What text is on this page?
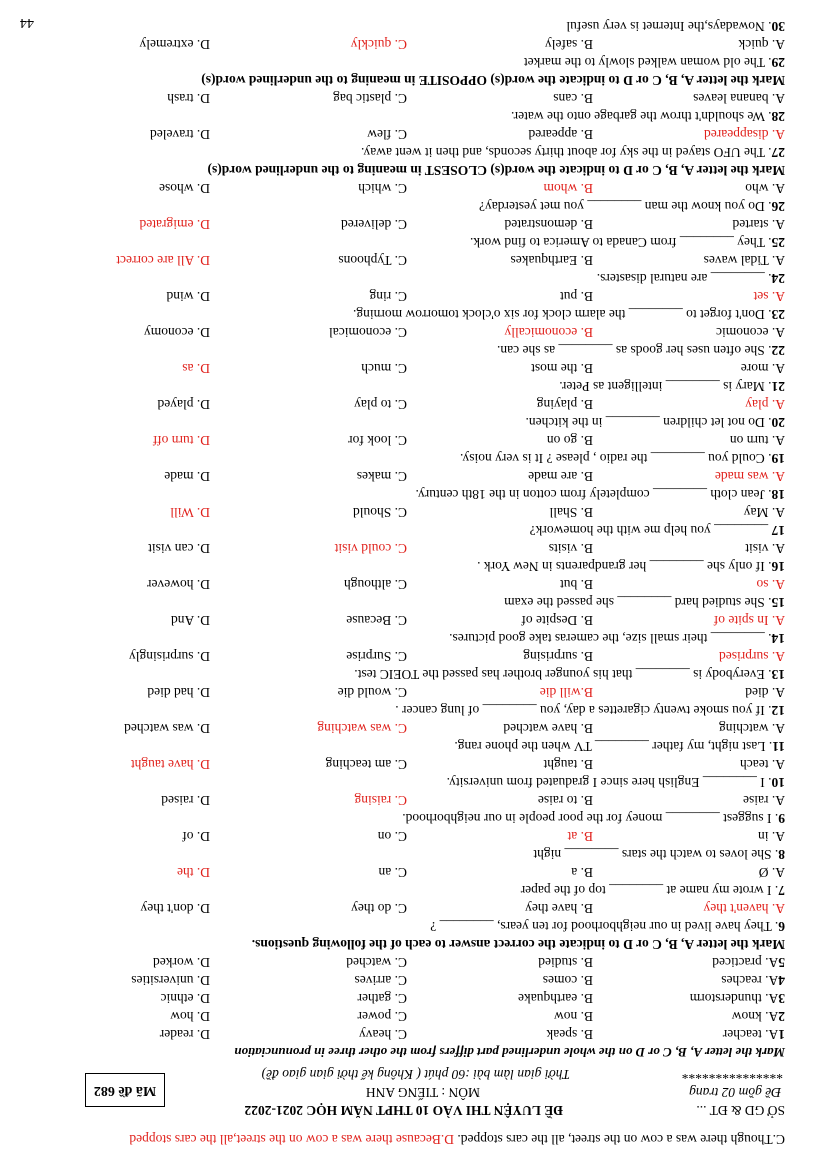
C.Though there was a cow on the street, all the cars stopped. D.Because there was a cow on the street,all the cars stopped
SỞ GD & ĐT ...
Đề gồm 02 trang
***************
ĐỀ LUYỆN THI VÀO 10 THPT NĂM HỌC 2021-2022
MÔN : TIẾNG ANH
Thời gian làm bài :60 phút ( Không kể thời gian giao đề)
Mã đề 682
Mark the letter A, B, C or D on the whole underlined part differs from the other three in pronunciation
1A. teacher
B. speak
C. heavy
D. reader
2A. know
B. now
C. power
D. how
3A. thunderstorm
B. earthquake
C. gather
D. ethnic
4A. reaches
B. comes
C. arrives
D. universities
5A. practiced
B. studied
C. watched
D. worked
Mark the letter A, B, C or D to indicate the correct answer to each of the following questions.
6. They have lived in our neighborhood for ten years, ________ ?
A. haven't they
B. have they
C. do they
D. don't they
7. I wrote my name at ________ top of the paper
A. Ø
B. a
C. an
D. the
8. She loves to watch the stars ________ night
A. in
B. at
C. on
D. of
9. I suggest ________ money for the poor people in our neighborhood.
A. raise
B. to raise
C. raising
D. raised
10. I ________ English here since I graduated from university.
A. teach
B. taught
C. am teaching
D. have taught
11. Last night, my father ________ TV when the phone rang.
A. watching
B. have watched
C. was watching
D. was watched
12. If you smoke twenty cigarettes a day, you ________ of lung cancer .
A. died
B.will die
C. would die
D. had died
13. Everybody is ________ that his younger brother has passed the TOEIC test.
A. surprised
B. surprising
C. Surprise
D. surprisingly
14. ________ their small size, the cameras take good pictures.
A. In spite of
B. Despite of
C. Because
D. And
15. She studied hard ________ she passed the exam
A. so
B. but
C. although
D. however
16. If only she ________ her grandparents in New York .
A. visit
B. visits
C. could visit
D. can visit
17 ________ you help me with the homework?
A. May
B. Shall
C. Should
D. Will
18. Jean cloth ________ completely from cotton in the 18th century.
A. was made
B. are made
C. makes
D. made
19. Could you ________ the radio , please ? It is very noisy.
A. turn on
B. go on
C. look for
D. turn off
20. Do not let children ________ in the kitchen.
A. play
B. playing
C. to play
D. played
21. Mary is ________ intelligent as Peter.
A. more
B. the most
C. much
D. as
22. She often uses her goods as ________ as she can.
A. economic
B. economically
C. economical
D. economy
23. Don't forget to ________ the alarm clock for six o'clock tomorrow morning.
A. set
B. put
C. ring
D. wind
24. ________ are natural disasters.
A. Tidal waves
B. Earthquakes
C. Typhoons
D. All are correct
25. They ________ from Canada to America to find work.
A. started
B. demonstrated
C. delivered
D. emigrated
26. Do you know the man ________ you met yesterday?
A. who
B. whom
C. which
D. whose
Mark the letter A, B, C or D to indicate the word(s) CLOSEST in meaning to the underlined word(s)
27. The UFO stayed in the sky for about thirty seconds, and then it went away.
A. disappeared
B. appeared
C. flew
D. traveled
28. We shouldn't throw the garbage onto the water.
A. banana leaves
B. cans
C. plastic bag
D. trash
Mark the letter A, B, C or D to indicate the word(s) OPPOSITE in meaning to the underlined word(s)
29. The old woman walked slowly to the market
A. quick
B. safely
C. quickly
D. extremely
30. Nowadays,the Internet is very useful
44
